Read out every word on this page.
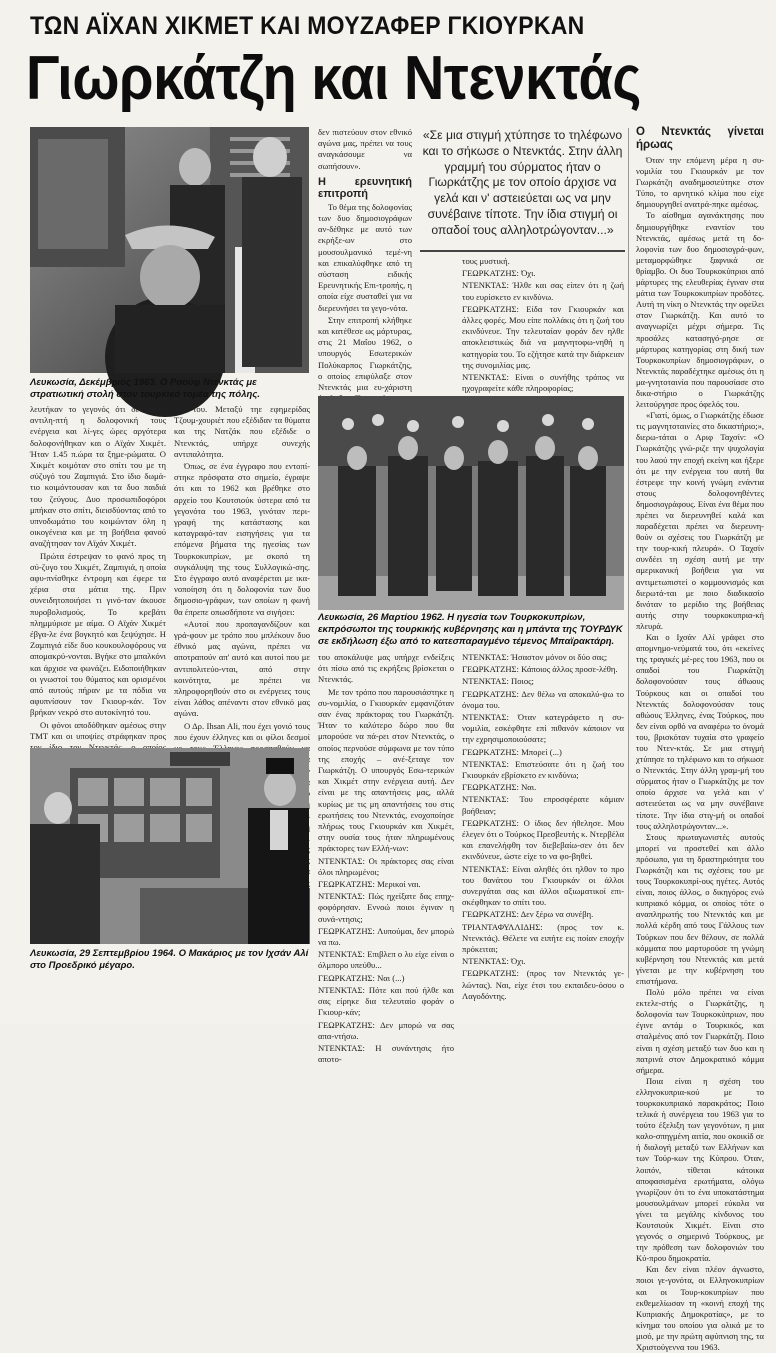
ΤΩΝ ΑΪΧΑΝ ΧΙΚΜΕΤ ΚΑΙ ΜΟΥΖΑΦΕΡ ΓΚΙΟΥΡΚΑΝ
Γιωρκάτζη και Ντενκτάς
Λευκωσία, Δεκέμβριος 1963. Ο Ραούφ Ντενκτάς με στρατιωτική στολή στον τουρκικό τομέα της πόλης.

δεν πιστεύουν στον εθνικό αγώνα μας, πρέπει να τους αναγκάσουμε να σωπήσουν».

Η ερευνητική επιτροπή

Το θέμα της δολοφονίας των δυο δημοσιογράφων αν-δέθηκε με αυτό των εκρήξε-ων στο μουσουλμανικό τεμέ-νη και επικαλύφθηκε από τη σύσταση ειδικής Ερευνητικής Επι-τροπής, η οποία είχε συσταθεί για να διερευνήσει τα γεγο-νότα.

Στην επιτροπή κλήθηκε και κατέθεσε ως μάρτυρας, στις 21 Μαΐου 1962, ο υπουργός Εσωτερικών Πολύκαρπος Γιωρκάτζης, ο οποίος επιφύλαξε στον Ντενκτάς μια ευ-χάριστη

«Σε μια στιγμή χτύπησε το τηλέφωνο και το σήκωσε ο Ντενκτάς. Στην άλλη γραμμή του σύρματος ήταν ο Γιωρκάτζης με τον οποίο άρχισε να γελά και ν' αστειεύεται ως να μην συνέβαινε τίποτε. Την ίδια στιγμή οι οπαδοί τους αλληλοτρώγονταν...»

τους μυστική.

ΓΕΩΡΚΑΤΖΗΣ: Όχι.

ΝΤΕΝΚΤΑΣ: Ήλθε και σας είπεν ότι η ζωή του ευρίσκετο εν κινδύνω.

ΓΕΩΡΚΑΤΖΗΣ: Είδα τον Γκιουρκάν και άλλες φορές. Μου είπε πολλάκις ότι η ζωή του εκινδύνευε. Την τελευταίαν φοράν δεν ηλθε αποκλειστικώς διά να μαγνητοφω-νηθή η κατηγορία του. Το εζήτησε κατά την διάρκειαν της συνομιλίας μας.

ΝΤΕΝΚΤΑΣ: Είναι ο συνήθης τρόπος να ηχογραφείτε κάθε πληροφορίας;

λευτήκαν το γεγονός ότι δεν έγινε αντιλη-πτή η δολοφονική τους ενέργεια και λί-γες ώρες αργότερα δολοφονήθηκαν και ο Αϊχάν Χικμέτ. Ήταν 1.45 π.ώρα τα ξημε-ρώματα. Ο Χικμέτ κοιμόταν στο σπίτι του με τη σύζυγό του Ζαμπιγιά. Στο ίδιο δωμά-τιο κοιμόντουσαν και τα δυο παιδιά του ζεύγους. Δυο προσωπιδοφόροι μπήκαν στο σπίτι, διεισδύοντας από το υπνοδωμάτιο του κοιμώνταν όλη η οικογένεια και με τη βοήθεια φανού αναζήτησαν τον Αϊχάν Χικμέτ.

Πρώτα έστρεψαν το φανό προς τη σύ-ζυγο του Χικμέτ, Ζαμπιγιά, η οποία αφυ-πνίσθηκε έντρομη και έφερε τα χέρια στα μάτια της. Πριν συνειδητοποιήσει τι γινό-ταν άκουσε πυροβολισμούς. Το κρεβάτι πλημμύρισε με αίμα. Ο Αϊχάν Χικμέτ έβγα-λε ένα βογκητό και ξεψύχησε. Η Ζαμπιγιά είδε δυο κουκουλοφόρους να απομακρύ-νονται. Βγήκε στο μπαλκόνι και άρχισε να φωνάζει. Ειδοποιήθηκαν οι γνωστοί του θύματος και ορισμένοι από αυτούς πήραν με τα πόδια να αφυπνίσουν τον Γκιουρ-κάν. Τον βρήκαν νεκρό στο αυτοκίνητό του.

Οι φόνοι αποδόθηκαν αμέσως στην ΤΜΤ και οι υποψίες στράφηκαν προς

δια του. Μεταξύ τηε εφημερίδας Τζουμ-χουριέτ που εξέδιδαν τα θύματα και της Νατζάκ που εξέδιδε ο Ντενκτάς, υπήρχε συνεχής αντιπαλότητα.

Όπως, σε ένα έγγραφο που εντοπί-στηκε πρόσφατα στο σημείο, έγραψε ότι και το 1962 και βρέθηκε στο αρχείο του Κουτσιούκ ύστερα από τα γεγονότα του 1963, γινόταν περι-γραφή της κατάστασης και καταγραφό-ταν εισηγήσεις για τα επόμενα βήματα της ηγεσίας των Τουρκοκυπρίων, με σκοπό τη συγκάλυψη της τους Συλλογικώ-σης. Στο έγγραφο αυτό αναφέρεται με ικα-νοποίηση ότι η δολοφονία των δυο δημοσιο-γράφων, των οποίων η φωνή θα έπρεπε οπωσδήποτε να σιγήσει:

«Αυτοί που προπαγανδίζουν και γρά-φουν με τρόπο που μπλέκουν δυο έθνικό μας αγώνα, πρέπει να αποτραπούν απ' αυτό και αυτοί που με αντιπολιτεύο-νται, από στην κοινότητα, με πρέπει να πληροφορηθούν στο οι ενέργειες τους είναι λάθος απέναντι στον εθνικό μας αγώνα.

Ο Δρ. Ihsan Ali, που έχει γονιό τους που έχουν έλληνες και οι φίλοι δεσμοί

Λευκωσία, 26 Μαρτίου 1962. Η ηγεσία των Τουρκοκυπρίων, εκπρόσωποι της τουρκικής κυβέρνησης και η μπάντα της ΤΟΥΡΔΥΚ σε εκδήλωση έξω από το κατεσπαραγμένο τέμενος Μπαϊρακτάρη.

του αποκάλυψε μας υπήρχε ενδείξεις ότι πίσω από τις εκρήξεις βρίσκεται ο Ντενκτάς.

Με τον τρόπο που παρουσιάστηκε η συ-νομιλία, ο Γκιουρκάν εμφανιζόταν σαν ένας πράκτορας του Γιωρκάτζη. Ήταν το καλύτερο δώρο που θα μπορούσε να πά-ρει στον Ντενκτάς, ο οποίος περνούσε σύμφωνα με τον τύπο της εποχής – ανέ-ξεταγε τον Γιωρκάτζη. Ο υπουργός Εσω-τερικών και Χικμέτ στην ενέργεια αυτή. Δεν είναι με της απαντήσεις μας, αλλά κυρίως με τις μη απαντήσεις του στις ερωτήσεις του Ντενκτάς, ενοχοποίησε πλήρως τους Γκιουρκάν και Χικμέτ, στην ουσία τους ήταν πληρωμένους πράκτορες των Ελλή-νων:

ΝΤΕΝΚΤΑΣ: Οι πράκτορες σας είναι όλοι πληρωμένοι;

ΓΕΩΡΚΑΤΖΗΣ: Μερικοί ναι.

ΝΤΕΝΚΤΑΣ: Πώς ηχείξατε δας επηχ-φοφόρησαν. Εννοώ ποιοι έγιναν η συνά-ντησις;

ΓΕΩΡΚΑΤΖΗΣ: Λυπούμαι, δεν μπορώ να πω.

ΝΤΕΝΚΤΑΣ: Επιβλεπ ο λυ είχε είναι ο όλμπορο υπεύθυ...

ΓΕΩΡΚΑΤΖΗΣ: Ναι (...)

ΝΤΕΝΚΤΑΣ: Πότε και πού ήλθε και σας είρηκε δια τελευταίο φοράν ο Γκιουρ-κάν;

ΓΕΩΡΚΑΤΖΗΣ: Δεν μπορώ να σας απα-ντήσω.

ΝΤΕΝΚΤΑΣ: Η συνάντησις ήτο αποτο-

ΝΤΕΝΚΤΑΣ: Ήσαστον μόνον οι δύο σας;

ΓΕΩΡΚΑΤΖΗΣ: Κάποιος άλλος προσε-λέθη.

ΝΤΕΝΚΤΑΣ: Ποιος;

ΓΕΩΡΚΑΤΖΗΣ: Δεν θέλω να αποκαλύ-ψω το όνομα του.

ΝΤΕΝΚΤΑΣ: Όταν κατεγράφετο η συ-νομιλία, εσκέφθητε επί πιθανόν κάποιον να την εχρησιμοποιούσατε;

ΓΕΩΡΚΑΤΖΗΣ: Μπορεί (...)

ΝΤΕΝΚΤΑΣ: Επιστεύσατε ότι η ζωή του Γκιουρκάν εβρίσκετο εν κινδύνω;

ΓΕΩΡΚΑΤΖΗΣ: Ναι.

ΝΤΕΝΚΤΑΣ: Του επροσφέρατε κάμιαν βοήθειαν;

ΓΕΩΡΚΑΤΖΗΣ: Ο ίδιος δεν ήθελησε. Μου έλεγεν ότι ο Τούρκος Πρεσβευτής κ. Ντερβέλα και επανελήφθη τον διεβεβαίω-σεν ότι δεν εκινδύνευε, ώστε είχε το να φο-βηθεί.

ΝΤΕΝΚΤΑΣ: Είναι αληθές ότι ηλθον το προ του θανάτου του Γκιουρκάν οι άλλοι συνεργάται σας και άλλοι αξιωματικοί επι-σκέφθηκαν το σπίτι του.

ΓΕΩΡΚΑΤΖΗΣ: Δεν ξέρω να συνέβη.

ΤΡΙΑΝΤΑΦΥΛΛΙΔΗΣ: (προς τον κ. Ντενκτάς). Θέλετε να ειπήτε εις ποίαν εποχήν πρόκειται;

ΝΤΕΝΚΤΑΣ: Όχι.

ΓΕΩΡΚΑΤΖΗΣ: (προς τον Ντενκτάς γε-λώντας). Ναι, είχε έτσι του εκπαιδευ-όσου ο Λαγοδόντης.

Λευκωσία, 29 Σεπτεμβρίου 1964. Ο Μακάριος με τον Ιχσάν Αλί στο Προεδρικό μέγαρο.
Ο Ντενκτάς γίνεται ήρωας

Όταν την επόμενη μέρα η συ-νομιλία του Γκιουρκάν με τον Γιωρκάτζη αναδημοσιεύτηκε στον Τύπο, το αρνητικό κλίμα που είχε δημιουργηθεί ανατρά-πηκε αμέσως.

Το αίσθημα αγανάκτησης που δημιουργήθηκε εναντίον του Ντενκτάς, αμέσως μετά τη δο-λοφονία των δυο δημοσιογρά-φων, μεταμορφώθηκε ξαφνικά σε θρίαμβο. Οι δυο Τουρκοκύπριοι από μάρτυρες της ελευθερίας έγιναν στα μάτια των Τουρκοκυπρίων προδότες. Αυτή τη νίκη ο Ντενκτάς την οφείλει στον Γιωρκάτζη. Και αυτό το αναγνωρίζει μέχρι σήμερα. Τις προσάλες κατασηγό-ρησε σε μάρτυρας κατηγορίας στη δική των Τουρκοκυπρίων δημοσιογράφων, ο Ντενκτάς παραδέχτηκε αμέσως ότι η μα-γνητοταινία που παρουσίασε στο δικα-στήριο ο Γιωρκάτζης λειτούργησε προς όφελός του.

«Γιατί, όμως, ο Γιωρκάτζης έδωσε τις μαγνητοταινίες στο δικαστήριο;», διερω-τάται ο Αριφ Ταχσίν: «Ο Γιωρκάτζης γνώ-ριζε την ψυχολογία του λαού την εποχή εκείνη και ήξερε ότι με την ενέργεια του αυτή θα έστρεφε την κοινή γνώμη ενάντια στους δολοφονηθέντες δημοσιογράφους. Είναι ένα θέμα που πρέπει να διερευνηθεί καλά και παραδέχεται πρέπει να διερευνη-θούν οι σχέσεις του Γιωρκάτζη με την τουρ-κική πλευρά». Ο Ταχσίν συνδέει τη σχέση αυτή με την αμερικανική βοήθεια για να αντιμετωπιστεί ο κομμουνισμός και διερωτά-ται με ποιο διαδικασίο δινόταν το μερίδιο της βοήθειας αυτής στην τουρκοκυπρια-κή πλευρά.

Και ο Ιχσάν Αλί γράφει στο απομνημο-νεύματά του, ότι «εκείνες της τραγικές μέ-ρες του 1963, που οι οπαδοί του Γιωρκάτζη δολοφονούσαν τους άθωους Τούρκους και οι οπαδοί του Ντενκτάς δολοφονούσαν τους αθώους Έλληνες, ένας Τούρκος, που δεν είναι ορθό να αναφέρω το όνομά του, βρισκόταν τυχαία στο γραφείο του Ντεν-κτάς. Σε μια στιγμή χτύπησε το τηλέφωνο και το σήκωσε ο Ντενκτάς. Στην άλλη γραμ-μή του σύρματος ήταν ο Γιωρκάτζης με τον οποίο άρχισε να γελά και ν' αστειεύεται ως να μην συνέβαινε τίποτε. Την ίδια στιγ-μή οι οπαδοί τους αλληλοτρώγονταν...».

Στους πρωταγωνιστές αυτούς μπορεί να προστεθεί και άλλο πρόσωπο, για τη δραστηριότητα του Γιωρκάτζη και τις σχέσεις του με τους Τουρκοκυπρί-ους ηγέτες. Αυτός είναι, ποιος άλλος, ο δικηγόρος ενώ κυπριακό κόμμα, οι οποίος τότε ο αναπληρωτής του Ντενκτάς και με πολλά κέρδη από τους Γάλλους των Τούρκων που δεν θέλουν, σε πολλά κόμματα που μαρτυρούσε τη γνώμη κυβέρνηση του Ντενκτάς και μετά γίνεται με την κυβέρνηση του επιστήμονα.

Πολύ μόλο πρέπει να είναι εκτελε-στής ο Γιωρκάτζης, η δολοφονία των Τουρκοκύπριων, που έγινε αντάμ ο Τουρκικός, και σταλμένος από τον Γιωρκάτζη. Ποιο είναι η σχέση μεταξύ των δυο και η πατρινά στον Δημοκρατικό κόμμα σήμερα.

Ποια είναι η σχέση του ελληνοκυπρια-κού με το τουρκοκυπριακό παρακράτος; Ποιο τελικά ή συνέργεια του 1963 για το τούτο έξελιξη των γεγονότων, η μια καλο-σπηγμένη αιτία, που οκοικίδ σε ή διαλογή μεταξύ των Ελλήνων και των Τούρ-κων της Κύπρου. Όταν, λοιπόν, τίθεται κάτοικα αποφασισμένα ερωτήματα, ολόγω γνωρίζουν ότι το ένα υποκατάστημα μουσουλμάνων μπορεί εύκολα να γίνει τα μεγάλης κίνδυνος του Κουτσιούκ Χικμέτ. Είναι στο γεγονός ο σημερινό Τούρκους, με την πρόθεση των δολοφονιών του Κύ-πρου δημοκρατία.

Και δεν είναι πλέον άγνωστο, ποιοι γε-γονότα, οι Ελληνοκυπρίων και οι Τουρ-κοκυπρίων που εκθεμελίωσαν τη «κοινή εποχή της Κυπριακής Δημοκρατίας», με το κίνημα του οποίου για ολικά με το μισό, με την πρώτη αφύπνιση της, τα Χριστούγεννα του 1963.
